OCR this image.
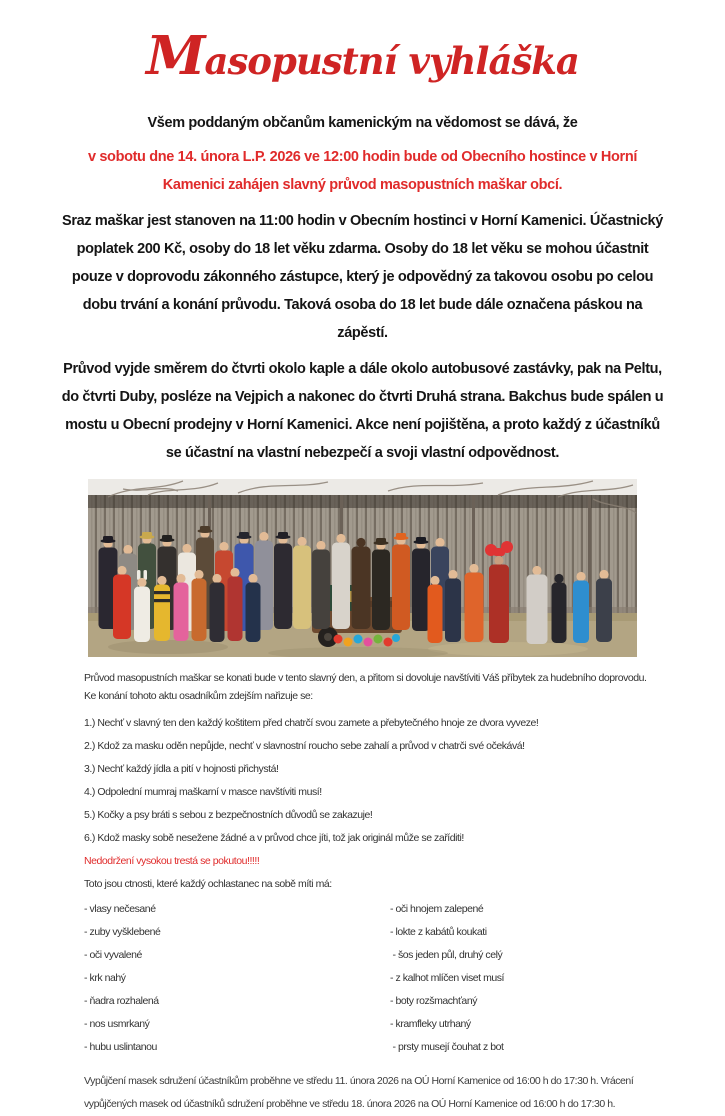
Masopustní vyhláška

Všem poddaným občanům kamenickým na vědomost se dává, že

v sobotu dne 14. února L.P. 2026 ve 12:00 hodin bude od Obecního hostince v Horní Kamenici zahájen slavný průvod masopustních maškar obcí.

Sraz maškar jest stanoven na 11:00 hodin v Obecním hostinci v Horní Kamenici. Účastnický poplatek 200 Kč, osoby do 18 let věku zdarma. Osoby do 18 let věku se mohou účastnit pouze v doprovodu zákonného zástupce, který je odpovědný za takovou osobu po celou dobu trvání a konání průvodu. Taková osoba do 18 let bude dále označena páskou na zápěstí.

Průvod vyjde směrem do čtvrti okolo kaple a dále okolo autobusové zastávky, pak na Peltu, do čtvrti Duby, posléze na Vejpich a nakonec do čtvrti Druhá strana. Bakchus bude spálen u mostu u Obecní prodejny v Horní Kamenici. Akce není pojištěna, a proto každý z účastníků se účastní na vlastní nebezpečí a svoji vlastní odpovědnost.

Průvod masopustních maškar se konati bude v tento slavný den, a přitom si dovoluje navštíviti Váš příbytek za hudebního doprovodu. Ke konání tohoto aktu osadníkům zdejším nařizuje se:

1.) Nechť v slavný ten den každý koštitem před chatrčí svou zamete a přebytečného hnoje ze dvora vyveze!
2.) Kdož za masku oděn nepůjde, nechť v slavnostní roucho sebe zahalí a průvod v chatrči své očekává!
3.) Nechť každý jídla a pití v hojnosti přichystá!
4.) Odpolední mumraj maškarní v masce navštíviti musí!
5.) Kočky a psy bráti s sebou z bezpečnostních důvodů se zakazuje!
6.) Kdož masky sobě nesežene žádné a v průvod chce jíti, tož jak originál může se zaříditi!

Nedodržení vysokou trestá se pokutou!!!!!

Toto jsou ctnosti, které každý ochlastanec na sobě míti má:

- vlasy nečesané	- oči hnojem zalepené
- zuby vyšklebené	- lokte z kabátů koukati
- oči vyvalené	- šos jeden půl, druhý celý
- krk nahý	- z kalhot mlíčen viset musí
- ňadra rozhalená	- boty rozšmachťaný
- nos usmrkaný	- kramfleky utrhaný
- hubu uslintanou	- prsty musejí čouhat z bot

Vypůjčení masek sdružení účastníkům proběhne ve středu 11. února 2026 na OÚ Horní Kamenice od 16:00 h do 17:30 h. Vrácení vypůjčených masek od účastníků sdružení proběhne ve středu 18. února 2026 na OÚ Horní Kamenice od 16:00 h do 17:30 h.
